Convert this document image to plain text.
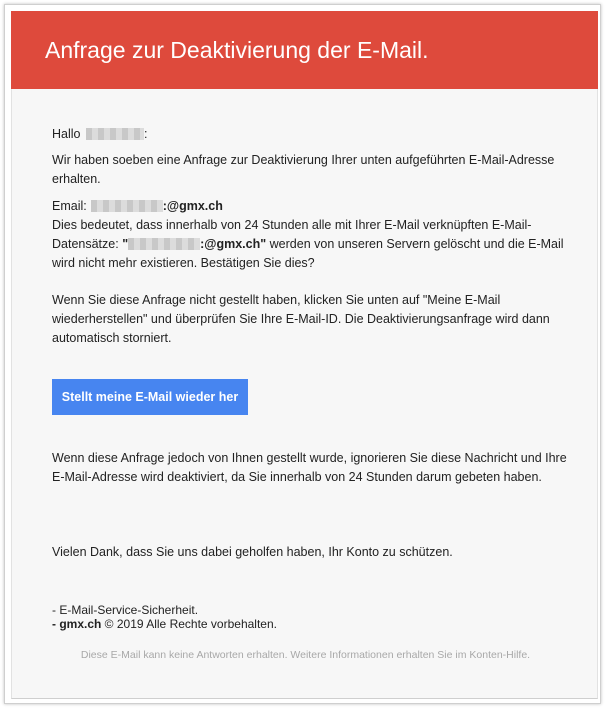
Anfrage zur Deaktivierung der E-Mail.

Hallo	:

Wir haben soeben eine Anfrage zur Deaktivierung Ihrer unten aufgeführten E-Mail-Adresse erhalten.

Email:	:@gmx.ch
Dies bedeutet, dass innerhalb von 24 Stunden alle mit Ihrer E-Mail verknüpften E-Mail-Datensätze: "	:@gmx.ch" werden von unseren Servern gelöscht und die E-Mail wird nicht mehr existieren. Bestätigen Sie dies?

Wenn Sie diese Anfrage nicht gestellt haben, klicken Sie unten auf "Meine E-Mail wiederherstellen" und überprüfen Sie Ihre E-Mail-ID. Die Deaktivierungsanfrage wird dann automatisch storniert.

Stellt meine E-Mail wieder her

Wenn diese Anfrage jedoch von Ihnen gestellt wurde, ignorieren Sie diese Nachricht und Ihre E-Mail-Adresse wird deaktiviert, da Sie innerhalb von 24 Stunden darum gebeten haben.

Vielen Dank, dass Sie uns dabei geholfen haben, Ihr Konto zu schützen.

- E-Mail-Service-Sicherheit.
- gmx.ch © 2019 Alle Rechte vorbehalten.

Diese E-Mail kann keine Antworten erhalten. Weitere Informationen erhalten Sie im Konten-Hilfe.
